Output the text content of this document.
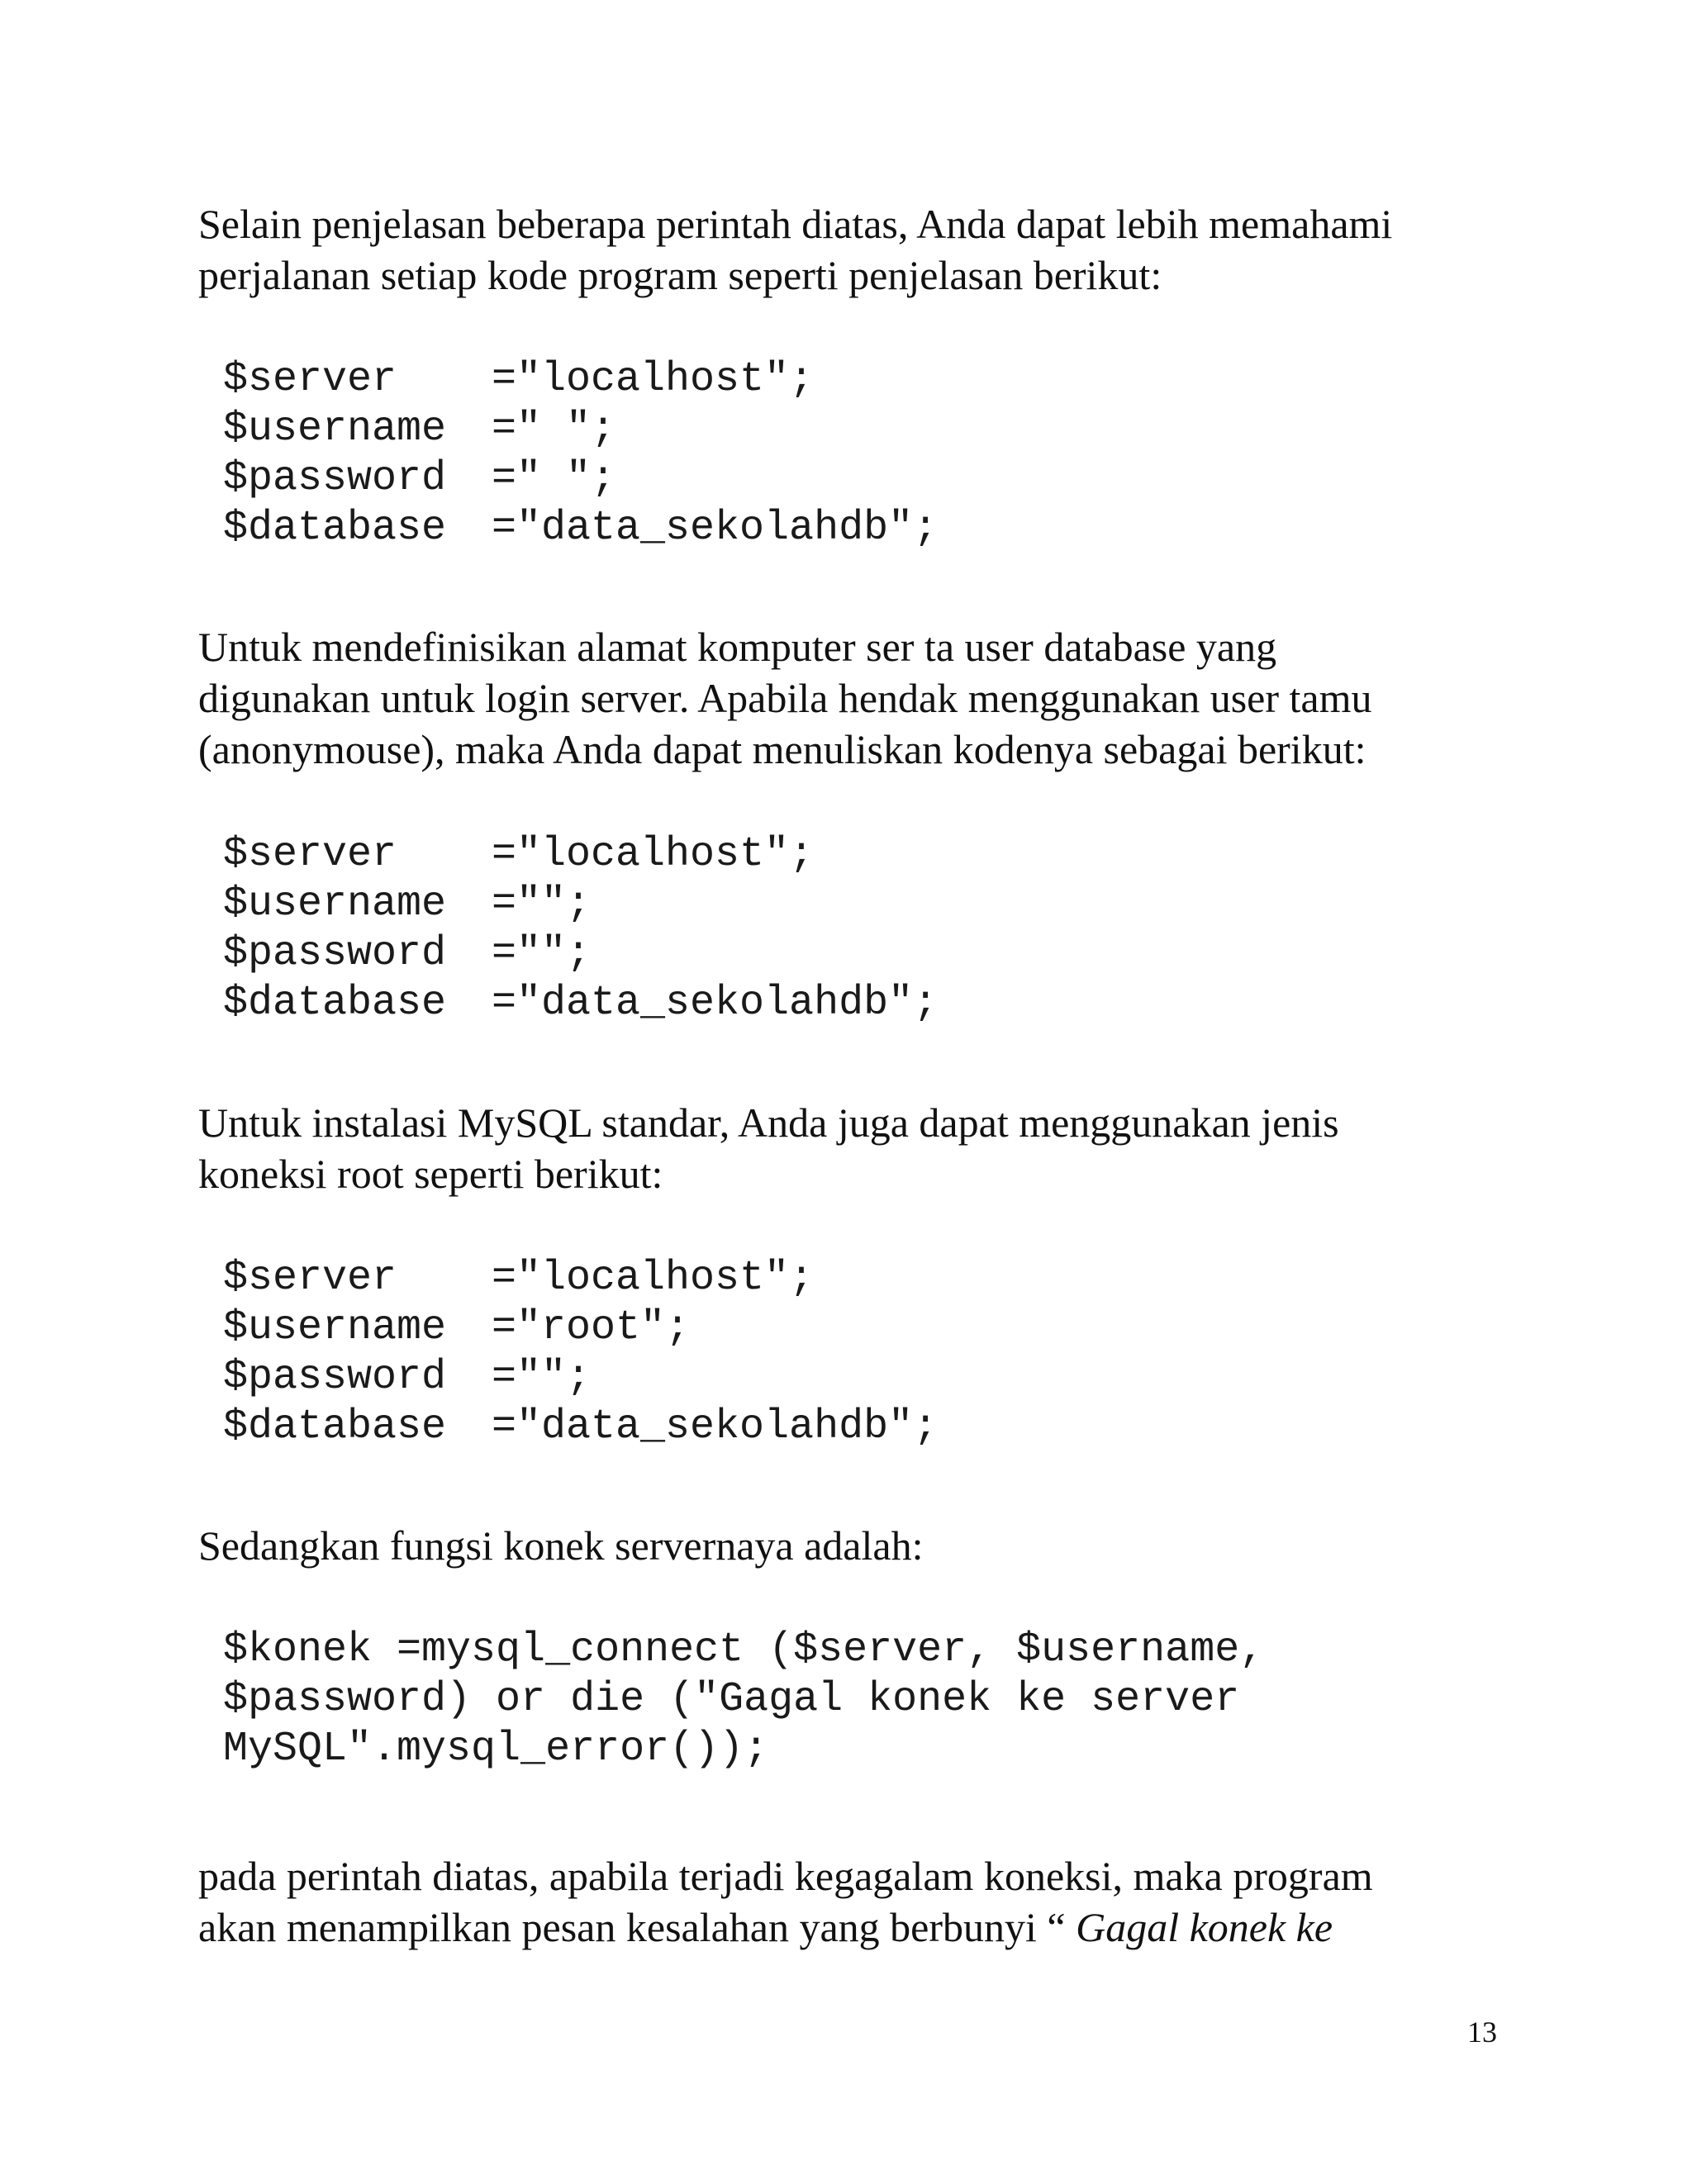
Selain penjelasan beberapa perintah diatas, Anda dapat lebih memahami
perjalanan setiap kode program seperti penjelasan berikut:

$server ="localhost";
$username =" ";
$password =" ";
$database ="data_sekolahdb";

Untuk mendefinisikan alamat komputer ser ta user database yang
digunakan untuk login server. Apabila hendak menggunakan user tamu
(anonymouse), maka Anda dapat menuliskan kodenya sebagai berikut:

$server ="localhost";
$username ="";
$password ="";
$database ="data_sekolahdb";

Untuk instalasi MySQL standar, Anda juga dapat menggunakan jenis
koneksi root seperti berikut:

$server ="localhost";
$username ="root";
$password ="";
$database ="data_sekolahdb";

Sedangkan fungsi konek servernaya adalah:

$konek =mysql_connect ($server, $username,
$password) or die ("Gagal konek ke server
MySQL".mysql_error());

pada perintah diatas, apabila terjadi kegagalam koneksi, maka program
akan menampilkan pesan kesalahan yang berbunyi “ Gagal konek ke

13
